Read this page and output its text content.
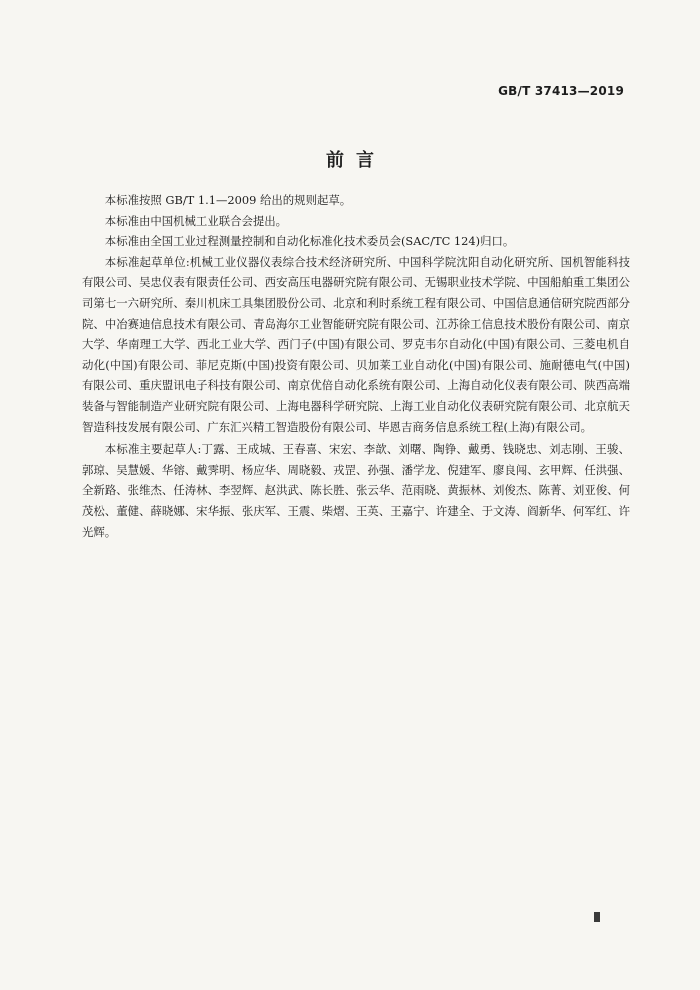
GB/T 37413—2019
前言

本标准按照 GB/T 1.1—2009 给出的规则起草。

本标准由中国机械工业联合会提出。

本标准由全国工业过程测量控制和自动化标准化技术委员会(SAC/TC 124)归口。

本标准起草单位:机械工业仪器仪表综合技术经济研究所、中国科学院沈阳自动化研究所、国机智能科技有限公司、吴忠仪表有限责任公司、西安高压电器研究院有限公司、无锡职业技术学院、中国船舶重工集团公司第七一六研究所、秦川机床工具集团股份公司、北京和利时系统工程有限公司、中国信息通信研究院西部分院、中冶赛迪信息技术有限公司、青岛海尔工业智能研究院有限公司、江苏徐工信息技术股份有限公司、南京大学、华南理工大学、西北工业大学、西门子(中国)有限公司、罗克韦尔自动化(中国)有限公司、三菱电机自动化(中国)有限公司、菲尼克斯(中国)投资有限公司、贝加莱工业自动化(中国)有限公司、施耐德电气(中国)有限公司、重庆盟讯电子科技有限公司、南京优倍自动化系统有限公司、上海自动化仪表有限公司、陕西高端装备与智能制造产业研究院有限公司、上海电器科学研究院、上海工业自动化仪表研究院有限公司、北京航天智造科技发展有限公司、广东汇兴精工智造股份有限公司、毕恩吉商务信息系统工程(上海)有限公司。

本标准主要起草人:丁露、王成城、王春喜、宋宏、李歆、刘曙、陶铮、戴勇、钱晓忠、刘志刚、王骏、郭琼、吴慧媛、华镕、戴霁明、杨应华、周晓毅、戎罡、孙强、潘学龙、倪建军、廖良闯、玄甲辉、任洪强、全新路、张维杰、任涛林、李翌辉、赵洪武、陈长胜、张云华、范雨晓、黄振林、刘俊杰、陈菁、刘亚俊、何茂松、董健、薛晓娜、宋华振、张庆军、王震、柴熠、王英、王嘉宁、许建全、于文涛、阎新华、何军红、许光辉。
